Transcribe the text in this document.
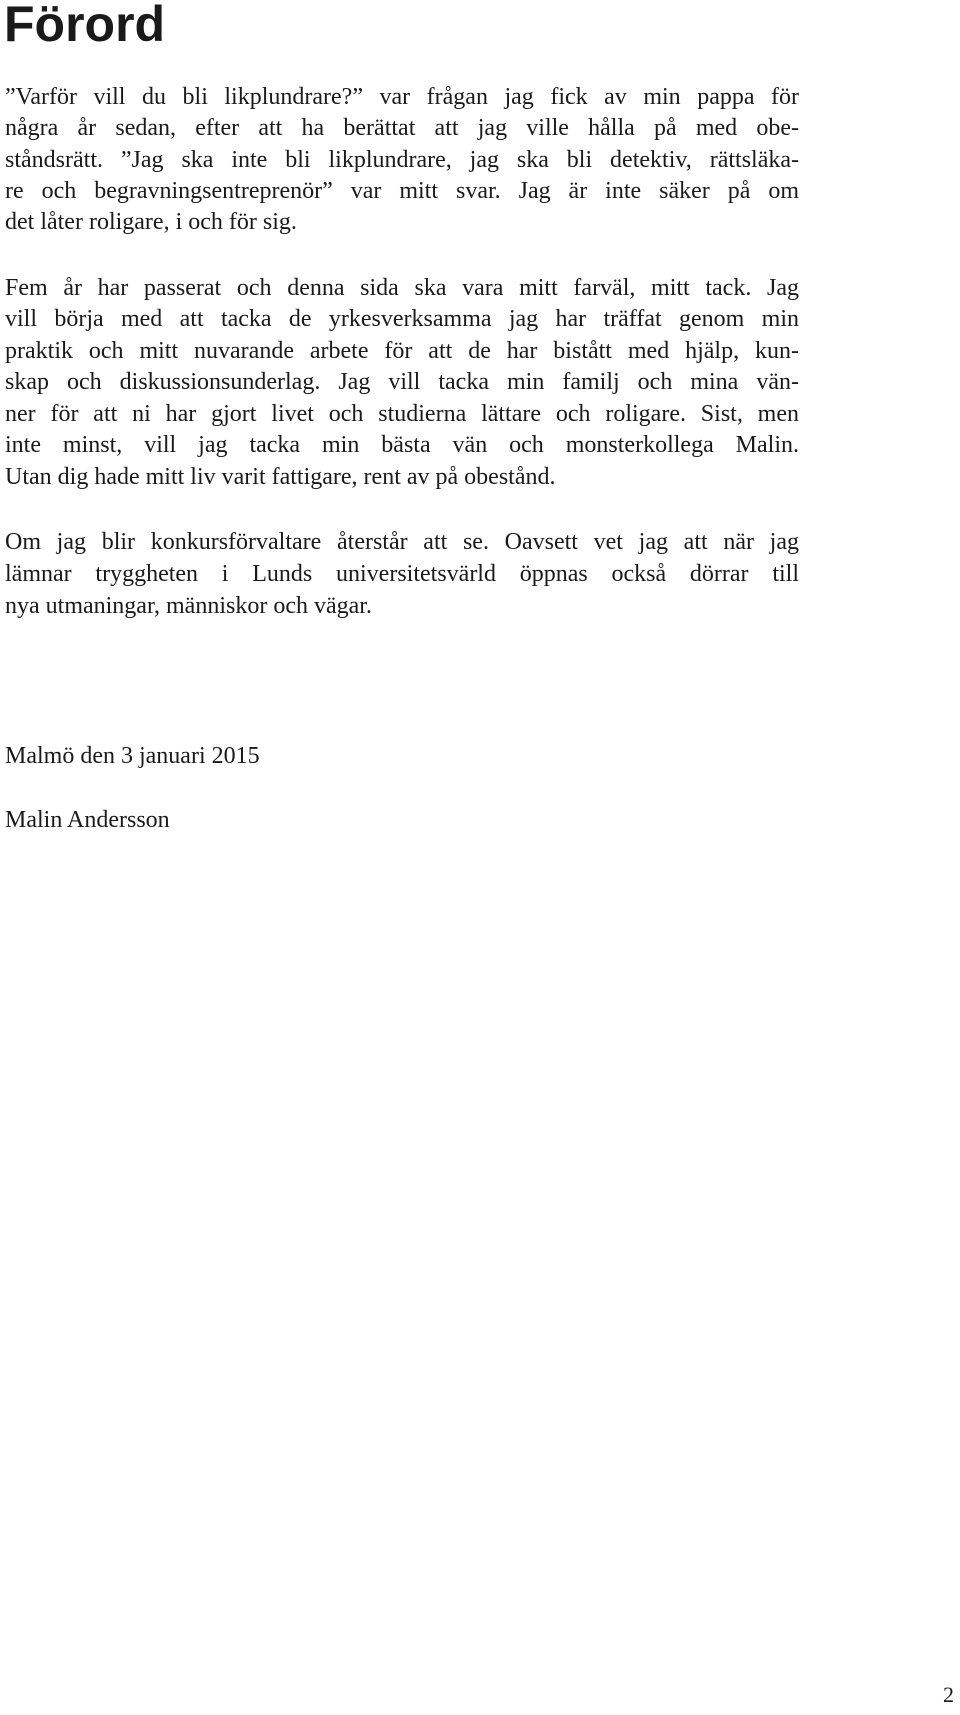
Förord

”Varför vill du bli likplundrare?” var frågan jag fick av min pappa för

några år sedan, efter att ha berättat att jag ville hålla på med obe-

ståndsrätt. ”Jag ska inte bli likplundrare, jag ska bli detektiv, rättsläka-

re och begravningsentreprenör” var mitt svar. Jag är inte säker på om

det låter roligare, i och för sig.

Fem år har passerat och denna sida ska vara mitt farväl, mitt tack. Jag

vill börja med att tacka de yrkesverksamma jag har träffat genom min

praktik och mitt nuvarande arbete för att de har bistått med hjälp, kun-

skap och diskussionsunderlag. Jag vill tacka min familj och mina vän-

ner för att ni har gjort livet och studierna lättare och roligare. Sist, men

inte minst, vill jag tacka min bästa vän och monsterkollega Malin.

Utan dig hade mitt liv varit fattigare, rent av på obestånd.

Om jag blir konkursförvaltare återstår att se. Oavsett vet jag att när jag

lämnar tryggheten i Lunds universitetsvärld öppnas också dörrar till

nya utmaningar, människor och vägar.

Malmö den 3 januari 2015

Malin Andersson

2
